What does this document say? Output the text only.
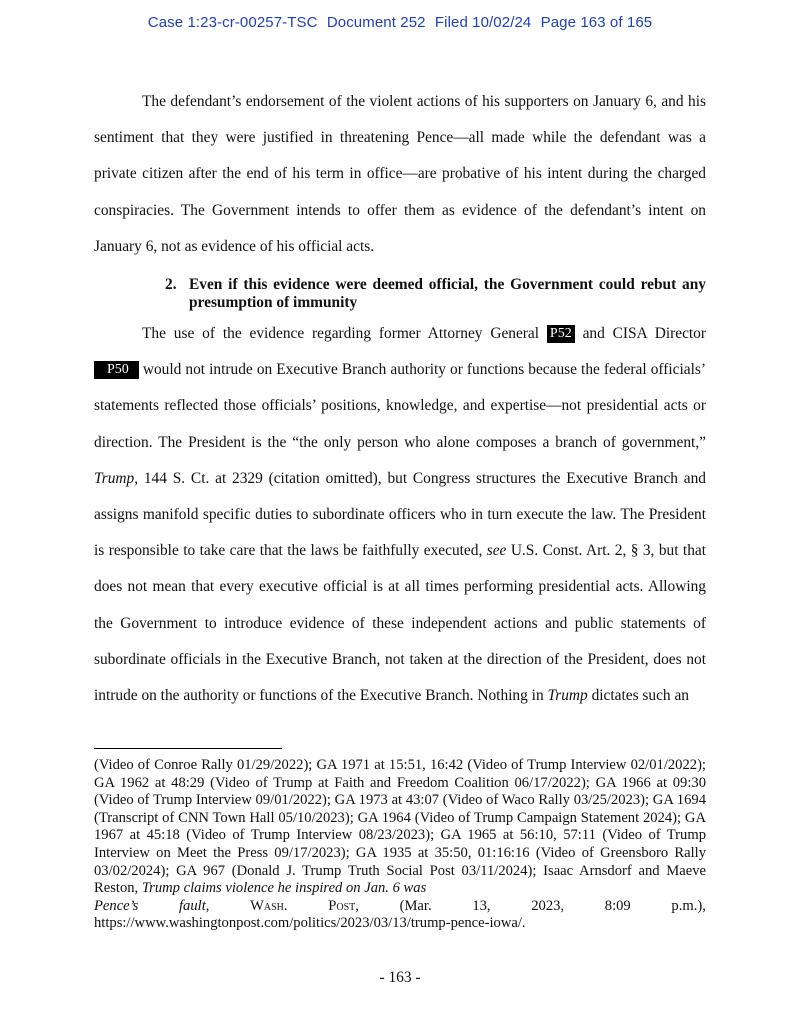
Case 1:23-cr-00257-TSC Document 252 Filed 10/02/24 Page 163 of 165

The defendant’s endorsement of the violent actions of his supporters on January 6, and his sentiment that they were justified in threatening Pence—all made while the defendant was a private citizen after the end of his term in office—are probative of his intent during the charged conspiracies. The Government intends to offer them as evidence of the defendant’s intent on January 6, not as evidence of his official acts.

2. Even if this evidence were deemed official, the Government could rebut any presumption of immunity

The use of the evidence regarding former Attorney General P52 and CISA Director P50 would not intrude on Executive Branch authority or functions because the federal officials’ statements reflected those officials’ positions, knowledge, and expertise—not presidential acts or direction. The President is the “the only person who alone composes a branch of government,” Trump, 144 S. Ct. at 2329 (citation omitted), but Congress structures the Executive Branch and assigns manifold specific duties to subordinate officers who in turn execute the law. The President is responsible to take care that the laws be faithfully executed, see U.S. Const. Art. 2, § 3, but that does not mean that every executive official is at all times performing presidential acts. Allowing the Government to introduce evidence of these independent actions and public statements of subordinate officials in the Executive Branch, not taken at the direction of the President, does not intrude on the authority or functions of the Executive Branch. Nothing in Trump dictates such an

(Video of Conroe Rally 01/29/2022); GA 1971 at 15:51, 16:42 (Video of Trump Interview 02/01/2022); GA 1962 at 48:29 (Video of Trump at Faith and Freedom Coalition 06/17/2022); GA 1966 at 09:30 (Video of Trump Interview 09/01/2022); GA 1973 at 43:07 (Video of Waco Rally 03/25/2023); GA 1694 (Transcript of CNN Town Hall 05/10/2023); GA 1964 (Video of Trump Campaign Statement 2024); GA 1967 at 45:18 (Video of Trump Interview 08/23/2023); GA 1965 at 56:10, 57:11 (Video of Trump Interview on Meet the Press 09/17/2023); GA 1935 at 35:50, 01:16:16 (Video of Greensboro Rally 03/02/2024); GA 967 (Donald J. Trump Truth Social Post 03/11/2024); Isaac Arnsdorf and Maeve Reston, Trump claims violence he inspired on Jan. 6 was
Pence’s	fault,	Wash.	Post,	(Mar.	13,	2023,	8:09	p.m.),
https://www.washingtonpost.com/politics/2023/03/13/trump-pence-iowa/.
- 163 -
